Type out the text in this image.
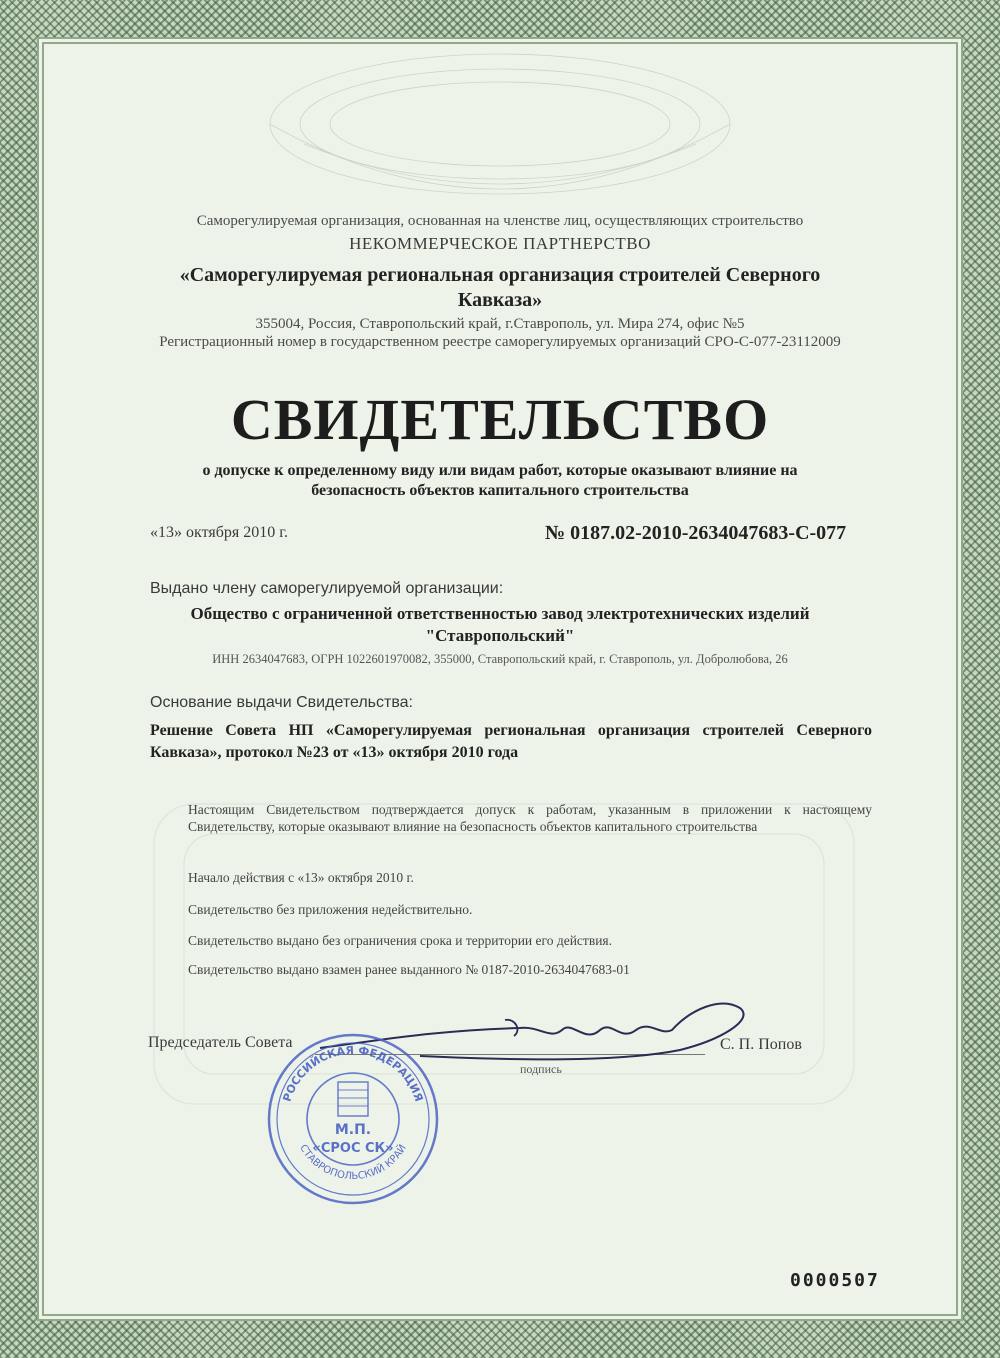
Саморегулируемая организация, основанная на членстве лиц, осуществляющих строительство
НЕКОММЕРЧЕСКОЕ ПАРТНЕРСТВО
«Саморегулируемая региональная организация строителей Северного
Кавказа»
355004, Россия, Ставропольский край, г.Ставрополь, ул. Мира 274, офис №5
Регистрационный номер в государственном реестре саморегулируемых организаций СРО-С-077-23112009
СВИДЕТЕЛЬСТВО
о допуске к определенному виду или видам работ, которые оказывают влияние на
безопасность объектов капитального строительства
«13» октября 2010 г.	№ 0187.02-2010-2634047683-С-077
Выдано члену саморегулируемой организации:
Общество с ограниченной ответственностью завод электротехнических изделий
"Ставропольский"
ИНН 2634047683, ОГРН 1022601970082, 355000, Ставропольский край, г. Ставрополь, ул. Добролюбова, 26
Основание выдачи Свидетельства:
Решение Совета НП «Саморегулируемая региональная организация строителей Северного Кавказа», протокол №23 от «13» октября 2010 года
Настоящим Свидетельством подтверждается допуск к работам, указанным в приложении к настоящему Свидетельству, которые оказывают влияние на безопасность объектов капитального строительства
Начало действия с «13» октября 2010 г.
Свидетельство без приложения недействительно.
Свидетельство выдано без ограничения срока и территории его действия.
Свидетельство выдано взамен ранее выданного № 0187-2010-2634047683-01
Председатель Совета
подпись
С. П. Попов
РОССИЙСКАЯ ФЕДЕРАЦИЯ
СТАВРОПОЛЬСКИЙ КРАЙ
М.П.
«СРОС СК»
0000507
